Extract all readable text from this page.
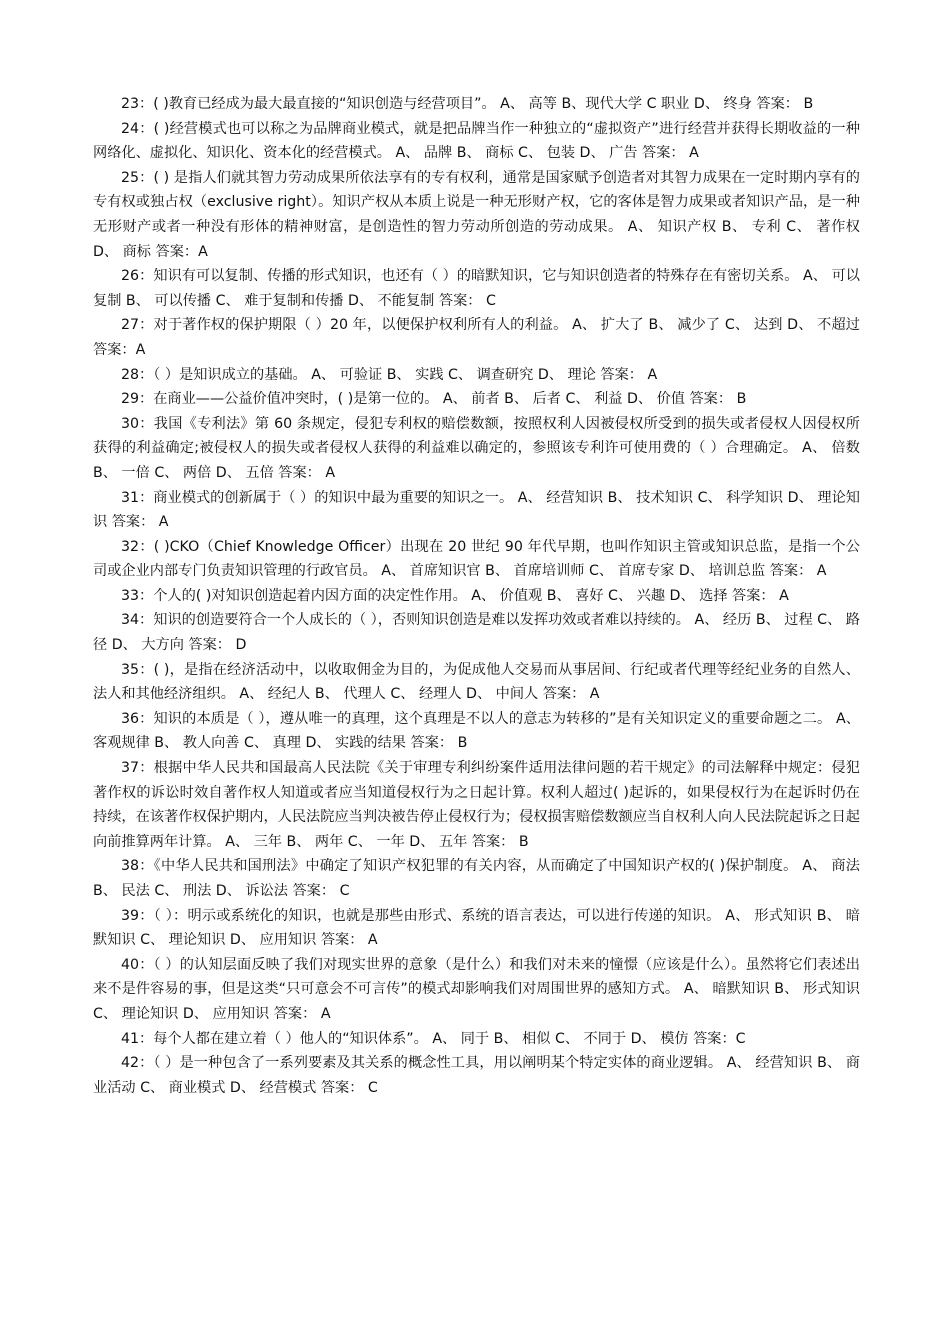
23：( )教育已经成为最大最直接的“知识创造与经营项目”。 A、 高等 B、现代大学 C 职业 D、 终身 答案： B

24：( )经营模式也可以称之为品牌商业模式，就是把品牌当作一种独立的“虚拟资产”进行经营并获得长期收益的一种网络化、虚拟化、知识化、资本化的经营模式。 A、 品牌 B、 商标 C、 包装 D、 广告 答案： A

25：( ) 是指人们就其智力劳动成果所依法享有的专有权利，通常是国家赋予创造者对其智力成果在一定时期内享有的专有权或独占权（exclusive right）。知识产权从本质上说是一种无形财产权，它的客体是智力成果或者知识产品，是一种无形财产或者一种没有形体的精神财富，是创造性的智力劳动所创造的劳动成果。 A、 知识产权 B、 专利 C、 著作权 D、 商标 答案：A

26：知识有可以复制、传播的形式知识，也还有（ ）的暗默知识，它与知识创造者的特殊存在有密切关系。 A、 可以复制 B、 可以传播 C、 难于复制和传播 D、 不能复制 答案： C

27：对于著作权的保护期限（ ）20 年，以便保护权利所有人的利益。 A、 扩大了 B、 减少了 C、 达到 D、 不超过 答案：A

28：（ ）是知识成立的基础。 A、 可验证 B、 实践 C、 调查研究 D、 理论 答案： A

29：在商业——公益价值冲突时，( )是第一位的。 A、 前者 B、 后者 C、 利益 D、 价值 答案： B

30：我国《专利法》第 60 条规定，侵犯专利权的赔偿数额，按照权利人因被侵权所受到的损失或者侵权人因侵权所获得的利益确定;被侵权人的损失或者侵权人获得的利益难以确定的，参照该专利许可使用费的（ ）合理确定。 A、 倍数 B、 一倍 C、 两倍 D、 五倍 答案： A

31：商业模式的创新属于（ ）的知识中最为重要的知识之一。 A、 经营知识 B、 技术知识 C、 科学知识 D、 理论知识 答案： A

32：( )CKO（Chief Knowledge Officer）出现在 20 世纪 90 年代早期，也叫作知识主管或知识总监，是指一个公司或企业内部专门负责知识管理的行政官员。 A、 首席知识官 B、 首席培训师 C、 首席专家 D、 培训总监 答案： A

33：个人的( )对知识创造起着内因方面的决定性作用。 A、 价值观 B、 喜好 C、 兴趣 D、 选择 答案： A

34：知识的创造要符合一个人成长的（ ），否则知识创造是难以发挥功效或者难以持续的。 A、 经历 B、 过程 C、 路径 D、 大方向 答案： D

35：( )，是指在经济活动中，以收取佣金为目的，为促成他人交易而从事居间、行纪或者代理等经纪业务的自然人、法人和其他经济组织。 A、 经纪人 B、 代理人 C、 经理人 D、 中间人 答案： A

36：知识的本质是（ ），遵从唯一的真理，这个真理是不以人的意志为转移的”是有关知识定义的重要命题之二。 A、 客观规律 B、 教人向善 C、 真理 D、 实践的结果 答案： B

37：根据中华人民共和国最高人民法院《关于审理专利纠纷案件适用法律问题的若干规定》的司法解释中规定：侵犯著作权的诉讼时效自著作权人知道或者应当知道侵权行为之日起计算。权利人超过( )起诉的，如果侵权行为在起诉时仍在持续，在该著作权保护期内，人民法院应当判决被告停止侵权行为；侵权损害赔偿数额应当自权利人向人民法院起诉之日起向前推算两年计算。 A、 三年 B、 两年 C、 一年 D、 五年 答案： B

38：《中华人民共和国刑法》中确定了知识产权犯罪的有关内容，从而确定了中国知识产权的( )保护制度。 A、 商法 B、 民法 C、 刑法 D、 诉讼法 答案： C

39：（ ）：明示或系统化的知识，也就是那些由形式、系统的语言表达，可以进行传递的知识。 A、 形式知识 B、 暗默知识 C、 理论知识 D、 应用知识 答案： A

40：（ ）的认知层面反映了我们对现实世界的意象（是什么）和我们对未来的憧憬（应该是什么）。虽然将它们表述出来不是件容易的事，但是这类“只可意会不可言传”的模式却影响我们对周围世界的感知方式。 A、 暗默知识 B、 形式知识 C、 理论知识 D、 应用知识 答案： A

41：每个人都在建立着（ ）他人的“知识体系”。 A、 同于 B、 相似 C、 不同于 D、 模仿 答案：C

42：（ ）是一种包含了一系列要素及其关系的概念性工具，用以阐明某个特定实体的商业逻辑。 A、 经营知识 B、 商业活动 C、 商业模式 D、 经营模式 答案： C
